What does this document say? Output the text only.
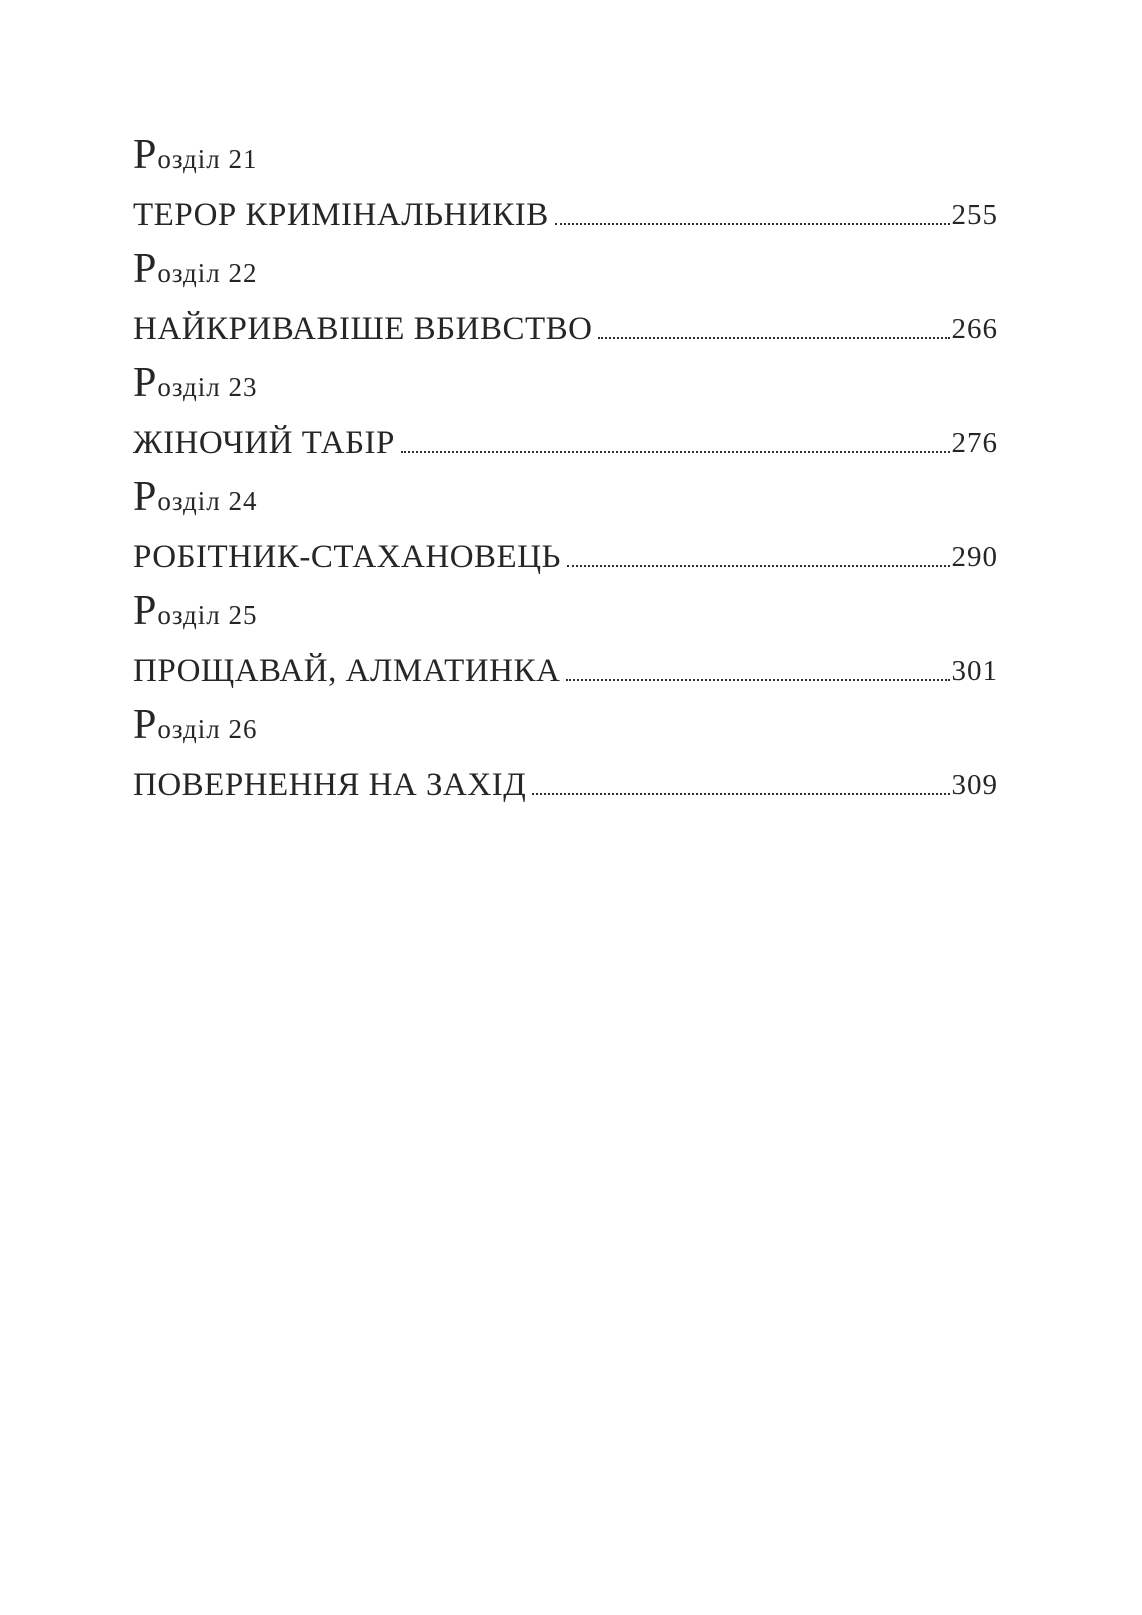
Розділ 21
ТЕРОР КРИМІНАЛЬНИКІВ	255
Розділ 22
НАЙКРИВАВІШЕ ВБИВСТВО	266
Розділ 23
ЖІНОЧИЙ ТАБІР	276
Розділ 24
РОБІТНИК-СТАХАНОВЕЦЬ	290
Розділ 25
ПРОЩАВАЙ, АЛМАТИНКА	301
Розділ 26
ПОВЕРНЕННЯ НА ЗАХІД	309
